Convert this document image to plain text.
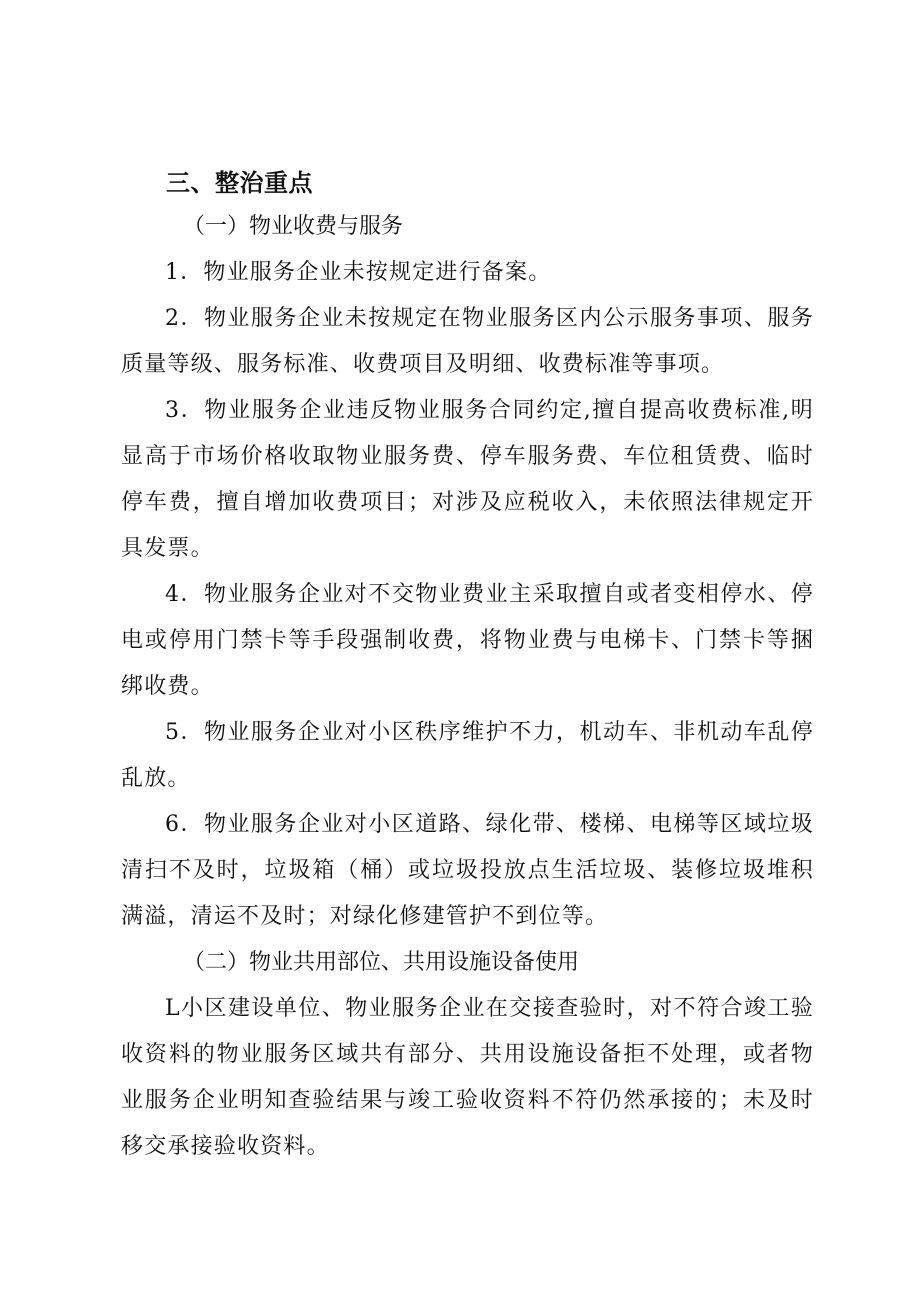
三、整治重点

（一）物业收费与服务

1．物业服务企业未按规定进行备案。

2．物业服务企业未按规定在物业服务区内公示服务事项、服务质量等级、服务标准、收费项目及明细、收费标准等事项。

3．物业服务企业违反物业服务合同约定,擅自提高收费标准,明显高于市场价格收取物业服务费、停车服务费、车位租赁费、临时停车费，擅自增加收费项目；对涉及应税收入，未依照法律规定开具发票。

4．物业服务企业对不交物业费业主采取擅自或者变相停水、停电或停用门禁卡等手段强制收费，将物业费与电梯卡、门禁卡等捆绑收费。

5．物业服务企业对小区秩序维护不力，机动车、非机动车乱停乱放。

6．物业服务企业对小区道路、绿化带、楼梯、电梯等区域垃圾清扫不及时，垃圾箱（桶）或垃圾投放点生活垃圾、装修垃圾堆积满溢，清运不及时；对绿化修建管护不到位等。

（二）物业共用部位、共用设施设备使用

L小区建设单位、物业服务企业在交接查验时，对不符合竣工验收资料的物业服务区域共有部分、共用设施设备拒不处理，或者物业服务企业明知查验结果与竣工验收资料不符仍然承接的；未及时移交承接验收资料。
